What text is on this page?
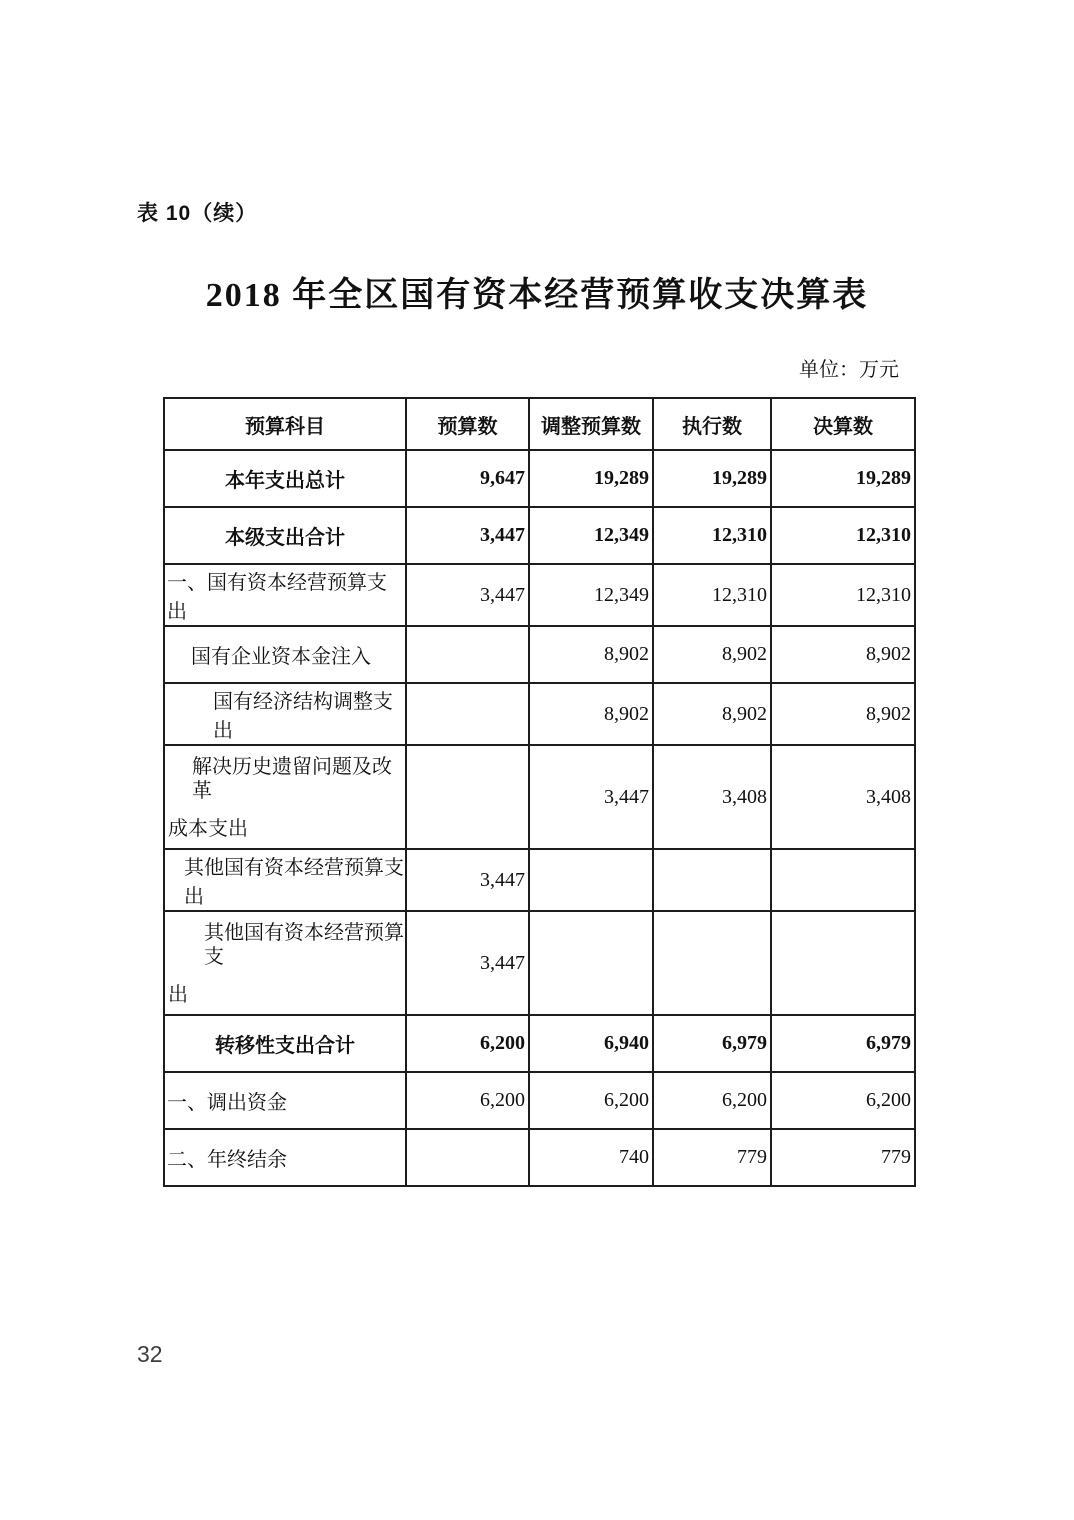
表 10（续）
2018 年全区国有资本经营预算收支决算表
单位：万元
预算科目	预算数	调整预算数	执行数	决算数
本年支出总计	9,647	19,289	19,289	19,289
本级支出合计	3,447	12,349	12,310	12,310
一、国有资本经营预算支出	3,447	12,349	12,310	12,310
国有企业资本金注入		8,902	8,902	8,902
国有经济结构调整支出		8,902	8,902	8,902

解决历史遗留问题及改革
成本支出		3,447	3,408	3,408
其他国有资本经营预算支出	3,447			

其他国有资本经营预算支
出	3,447			
转移性支出合计	6,200	6,940	6,979	6,979
一、调出资金	6,200	6,200	6,200	6,200
二、年终结余		740	779	779
32
